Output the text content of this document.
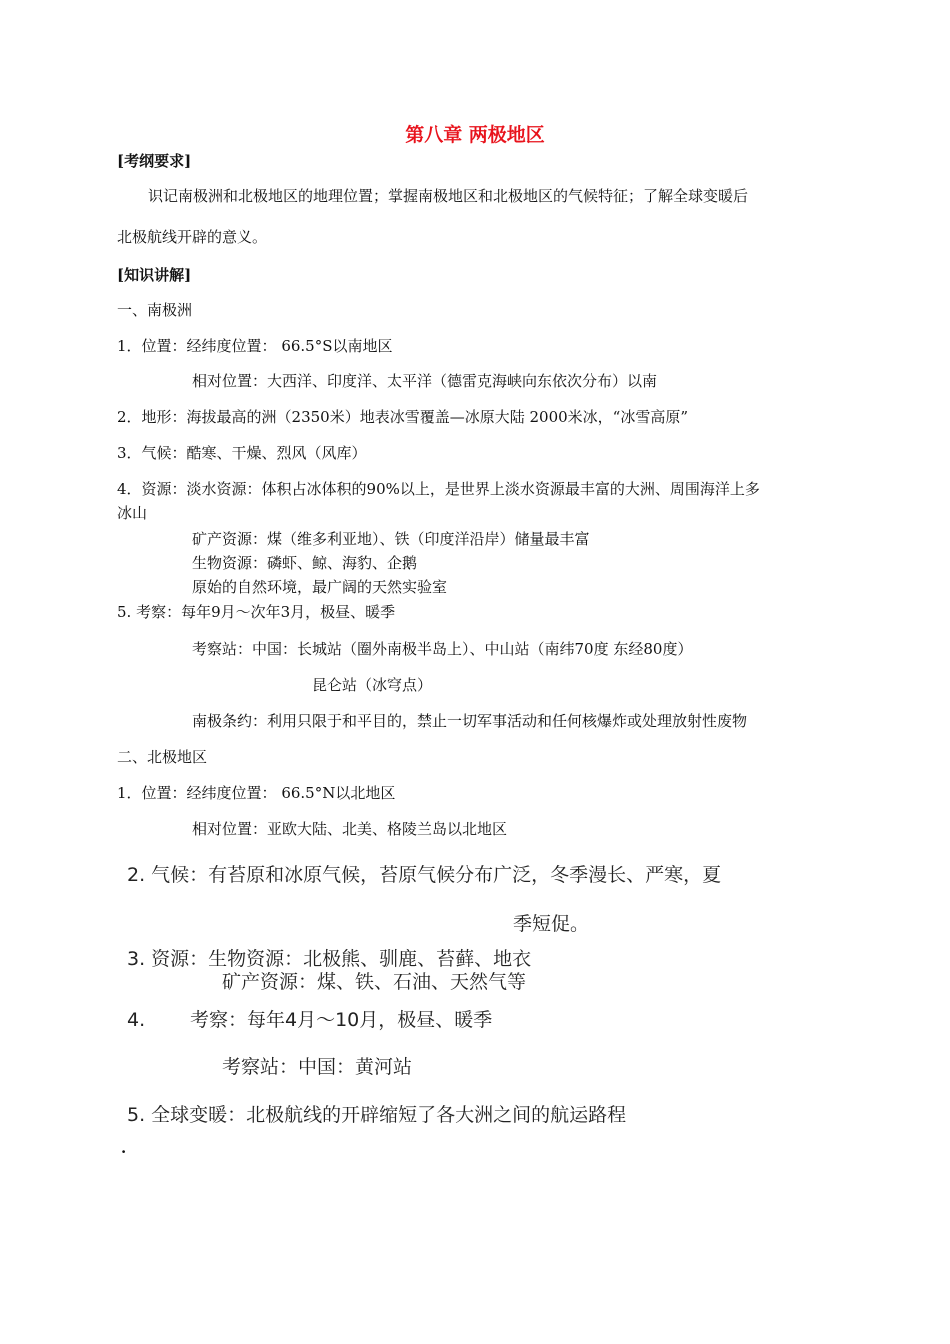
第八章 两极地区
[考纲要求]
识记南极洲和北极地区的地理位置；掌握南极地区和北极地区的气候特征；了解全球变暖后
北极航线开辟的意义。
[知识讲解]
一、南极洲
1．位置：经纬度位置： 66.5°S以南地区
相对位置：大西洋、印度洋、太平洋（德雷克海峡向东依次分布）以南
2．地形：海拔最高的洲（2350米）地表冰雪覆盖—冰原大陆 2000米冰，“冰雪高原”
3．气候：酷寒、干燥、烈风（风库）
4．资源：淡水资源：体积占冰体积的90%以上，是世界上淡水资源最丰富的大洲、周围海洋上多
冰山
矿产资源：煤（维多利亚地）、铁（印度洋沿岸）储量最丰富
生物资源：磷虾、鲸、海豹、企鹅
原始的自然环境，最广阔的天然实验室
5. 考察：每年9月～次年3月，极昼、暖季
考察站：中国：长城站（圈外南极半岛上）、中山站（南纬70度 东经80度）
昆仑站（冰穹点）
南极条约：利用只限于和平目的，禁止一切军事活动和任何核爆炸或处理放射性废物
二、北极地区
1．位置：经纬度位置： 66.5°N以北地区
相对位置：亚欧大陆、北美、格陵兰岛以北地区
2. 气候：有苔原和冰原气候，苔原气候分布广泛，冬季漫长、严寒，夏
季短促。
3. 资源：生物资源：北极熊、驯鹿、苔藓、地衣
矿产资源：煤、铁、石油、天然气等
4. 考察：每年4月～10月，极昼、暖季
考察站：中国：黄河站
5. 全球变暖：北极航线的开辟缩短了各大洲之间的航运路程
.
